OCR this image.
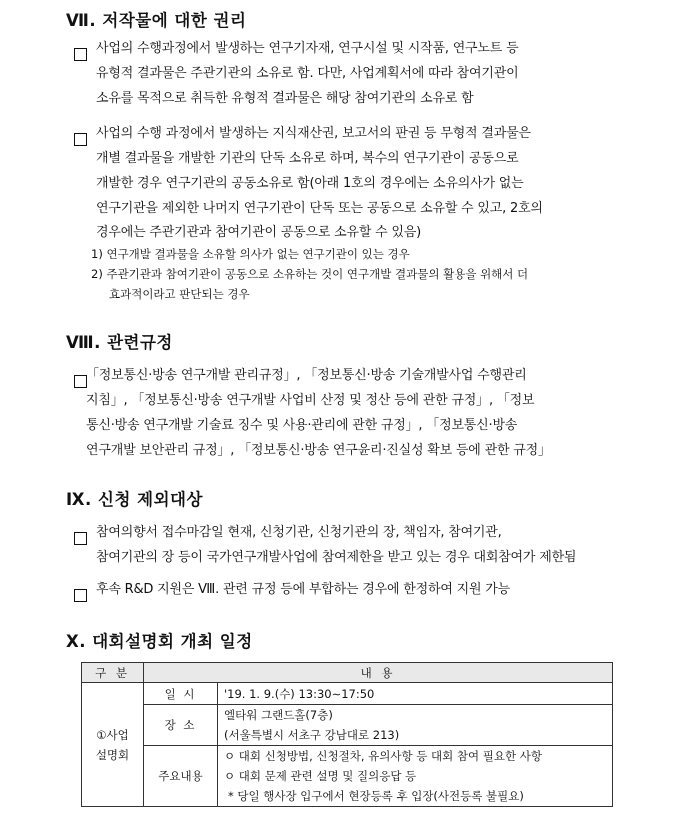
Ⅶ. 저작물에 대한 권리
사업의 수행과정에서 발생하는 연구기자재, 연구시설 및 시작품, 연구노트 등
유형적 결과물은 주관기관의 소유로 함. 다만, 사업계획서에 따라 참여기관이
소유를 목적으로 취득한 유형적 결과물은 해당 참여기관의 소유로 함
사업의 수행 과정에서 발생하는 지식재산권, 보고서의 판권 등 무형적 결과물은
개별 결과물을 개발한 기관의 단독 소유로 하며, 복수의 연구기관이 공동으로
개발한 경우 연구기관의 공동소유로 함(아래 1호의 경우에는 소유의사가 없는
연구기관을 제외한 나머지 연구기관이 단독 또는 공동으로 소유할 수 있고, 2호의
경우에는 주관기관과 참여기관이 공동으로 소유할 수 있음)
1) 연구개발 결과물을 소유할 의사가 없는 연구기관이 있는 경우
2) 주관기관과 참여기관이 공동으로 소유하는 것이 연구개발 결과물의 활용을 위해서 더
효과적이라고 판단되는 경우
Ⅷ. 관련규정
「정보통신·방송 연구개발 관리규정」, 「정보통신·방송 기술개발사업 수행관리
지침」, 「정보통신·방송 연구개발 사업비 산정 및 정산 등에 관한 규정」, 「정보
통신·방송 연구개발 기술료 징수 및 사용·관리에 관한 규정」, 「정보통신·방송
연구개발 보안관리 규정」, 「정보통신·방송 연구윤리·진실성 확보 등에 관한 규정」
Ⅸ. 신청 제외대상
참여의향서 접수마감일 현재, 신청기관, 신청기관의 장, 책임자, 참여기관,
참여기관의 장 등이 국가연구개발사업에 참여제한을 받고 있는 경우 대회참여가 제한됨
후속 R&D 지원은 Ⅷ. 관련 규정 등에 부합하는 경우에 한정하여 지원 가능
Ⅹ. 대회설명회 개최 일정
구 분	내 용	

①사업
설명회	일 시	'19. 1. 9.(수) 13:30∼17:50
	장 소	엘타워 그랜드홀(7층)
(서울특별시 서초구 강남대로 213)

	주요내용	ㅇ 대회 신청방법, 신청절차, 유의사항 등 대회 참여 필요한 사항
ㅇ 대회 문제 관련 설명 및 질의응답 등
* 당일 행사장 입구에서 현장등록 후 입장(사전등록 불필요)
